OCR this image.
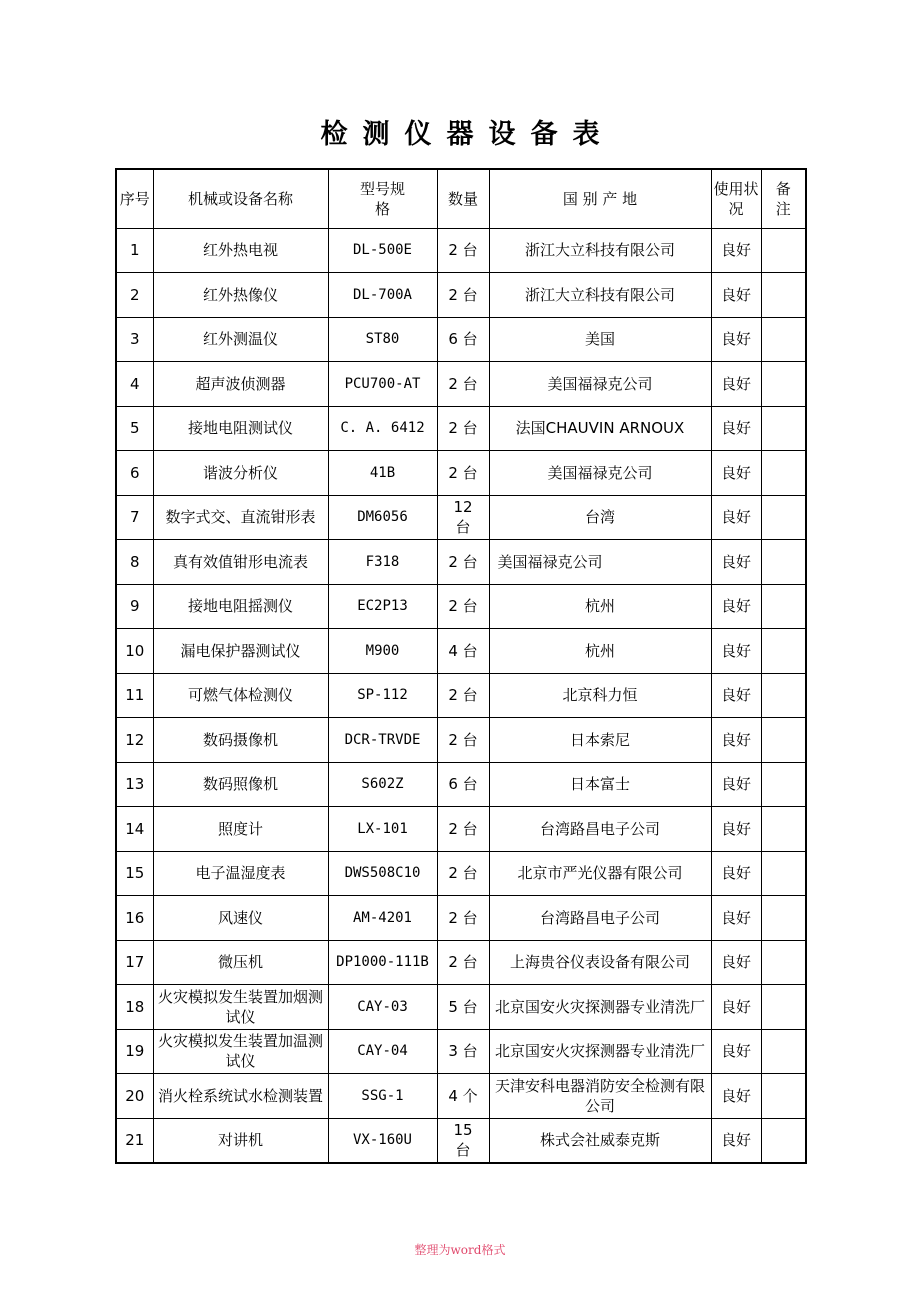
检测仪器设备表
序号	机械或设备名称	型号规格	数量	国 别 产 地	使用状况	备注
1	红外热电视	DL-500E	2 台	浙江大立科技有限公司	良好	
2	红外热像仪	DL-700A	2 台	浙江大立科技有限公司	良好	
3	红外测温仪	ST80	6 台	美国	良好	
4	超声波侦测器	PCU700-AT	2 台	美国福禄克公司	良好	
5	接地电阻测试仪	C. A. 6412	2 台	法国CHAUVIN ARNOUX	良好	
6	谐波分析仪	41B	2 台	美国福禄克公司	良好	
7	数字式交、直流钳形表	DM6056	12 台	台湾	良好	
8	真有效值钳形电流表	F318	2 台	美国福禄克公司	良好	
9	接地电阻摇测仪	EC2P13	2 台	杭州	良好	
10	漏电保护器测试仪	M900	4 台	杭州	良好	
11	可燃气体检测仪	SP-112	2 台	北京科力恒	良好	
12	数码摄像机	DCR-TRVDE	2 台	日本索尼	良好	
13	数码照像机	S602Z	6 台	日本富士	良好	
14	照度计	LX-101	2 台	台湾路昌电子公司	良好	
15	电子温湿度表	DWS508C10	2 台	北京市严光仪器有限公司	良好	
16	风速仪	AM-4201	2 台	台湾路昌电子公司	良好	
17	微压机	DP1000-111B	2 台	上海贵谷仪表设备有限公司	良好	
18	火灾模拟发生装置加烟测试仪	CAY-03	5 台	北京国安火灾探测器专业清洗厂	良好	
19	火灾模拟发生装置加温测试仪	CAY-04	3 台	北京国安火灾探测器专业清洗厂	良好	
20	消火栓系统试水检测装置	SSG-1	4 个	天津安科电器消防安全检测有限公司	良好	
21	对讲机	VX-160U	15 台	株式会社威泰克斯	良好	
整理为word格式
